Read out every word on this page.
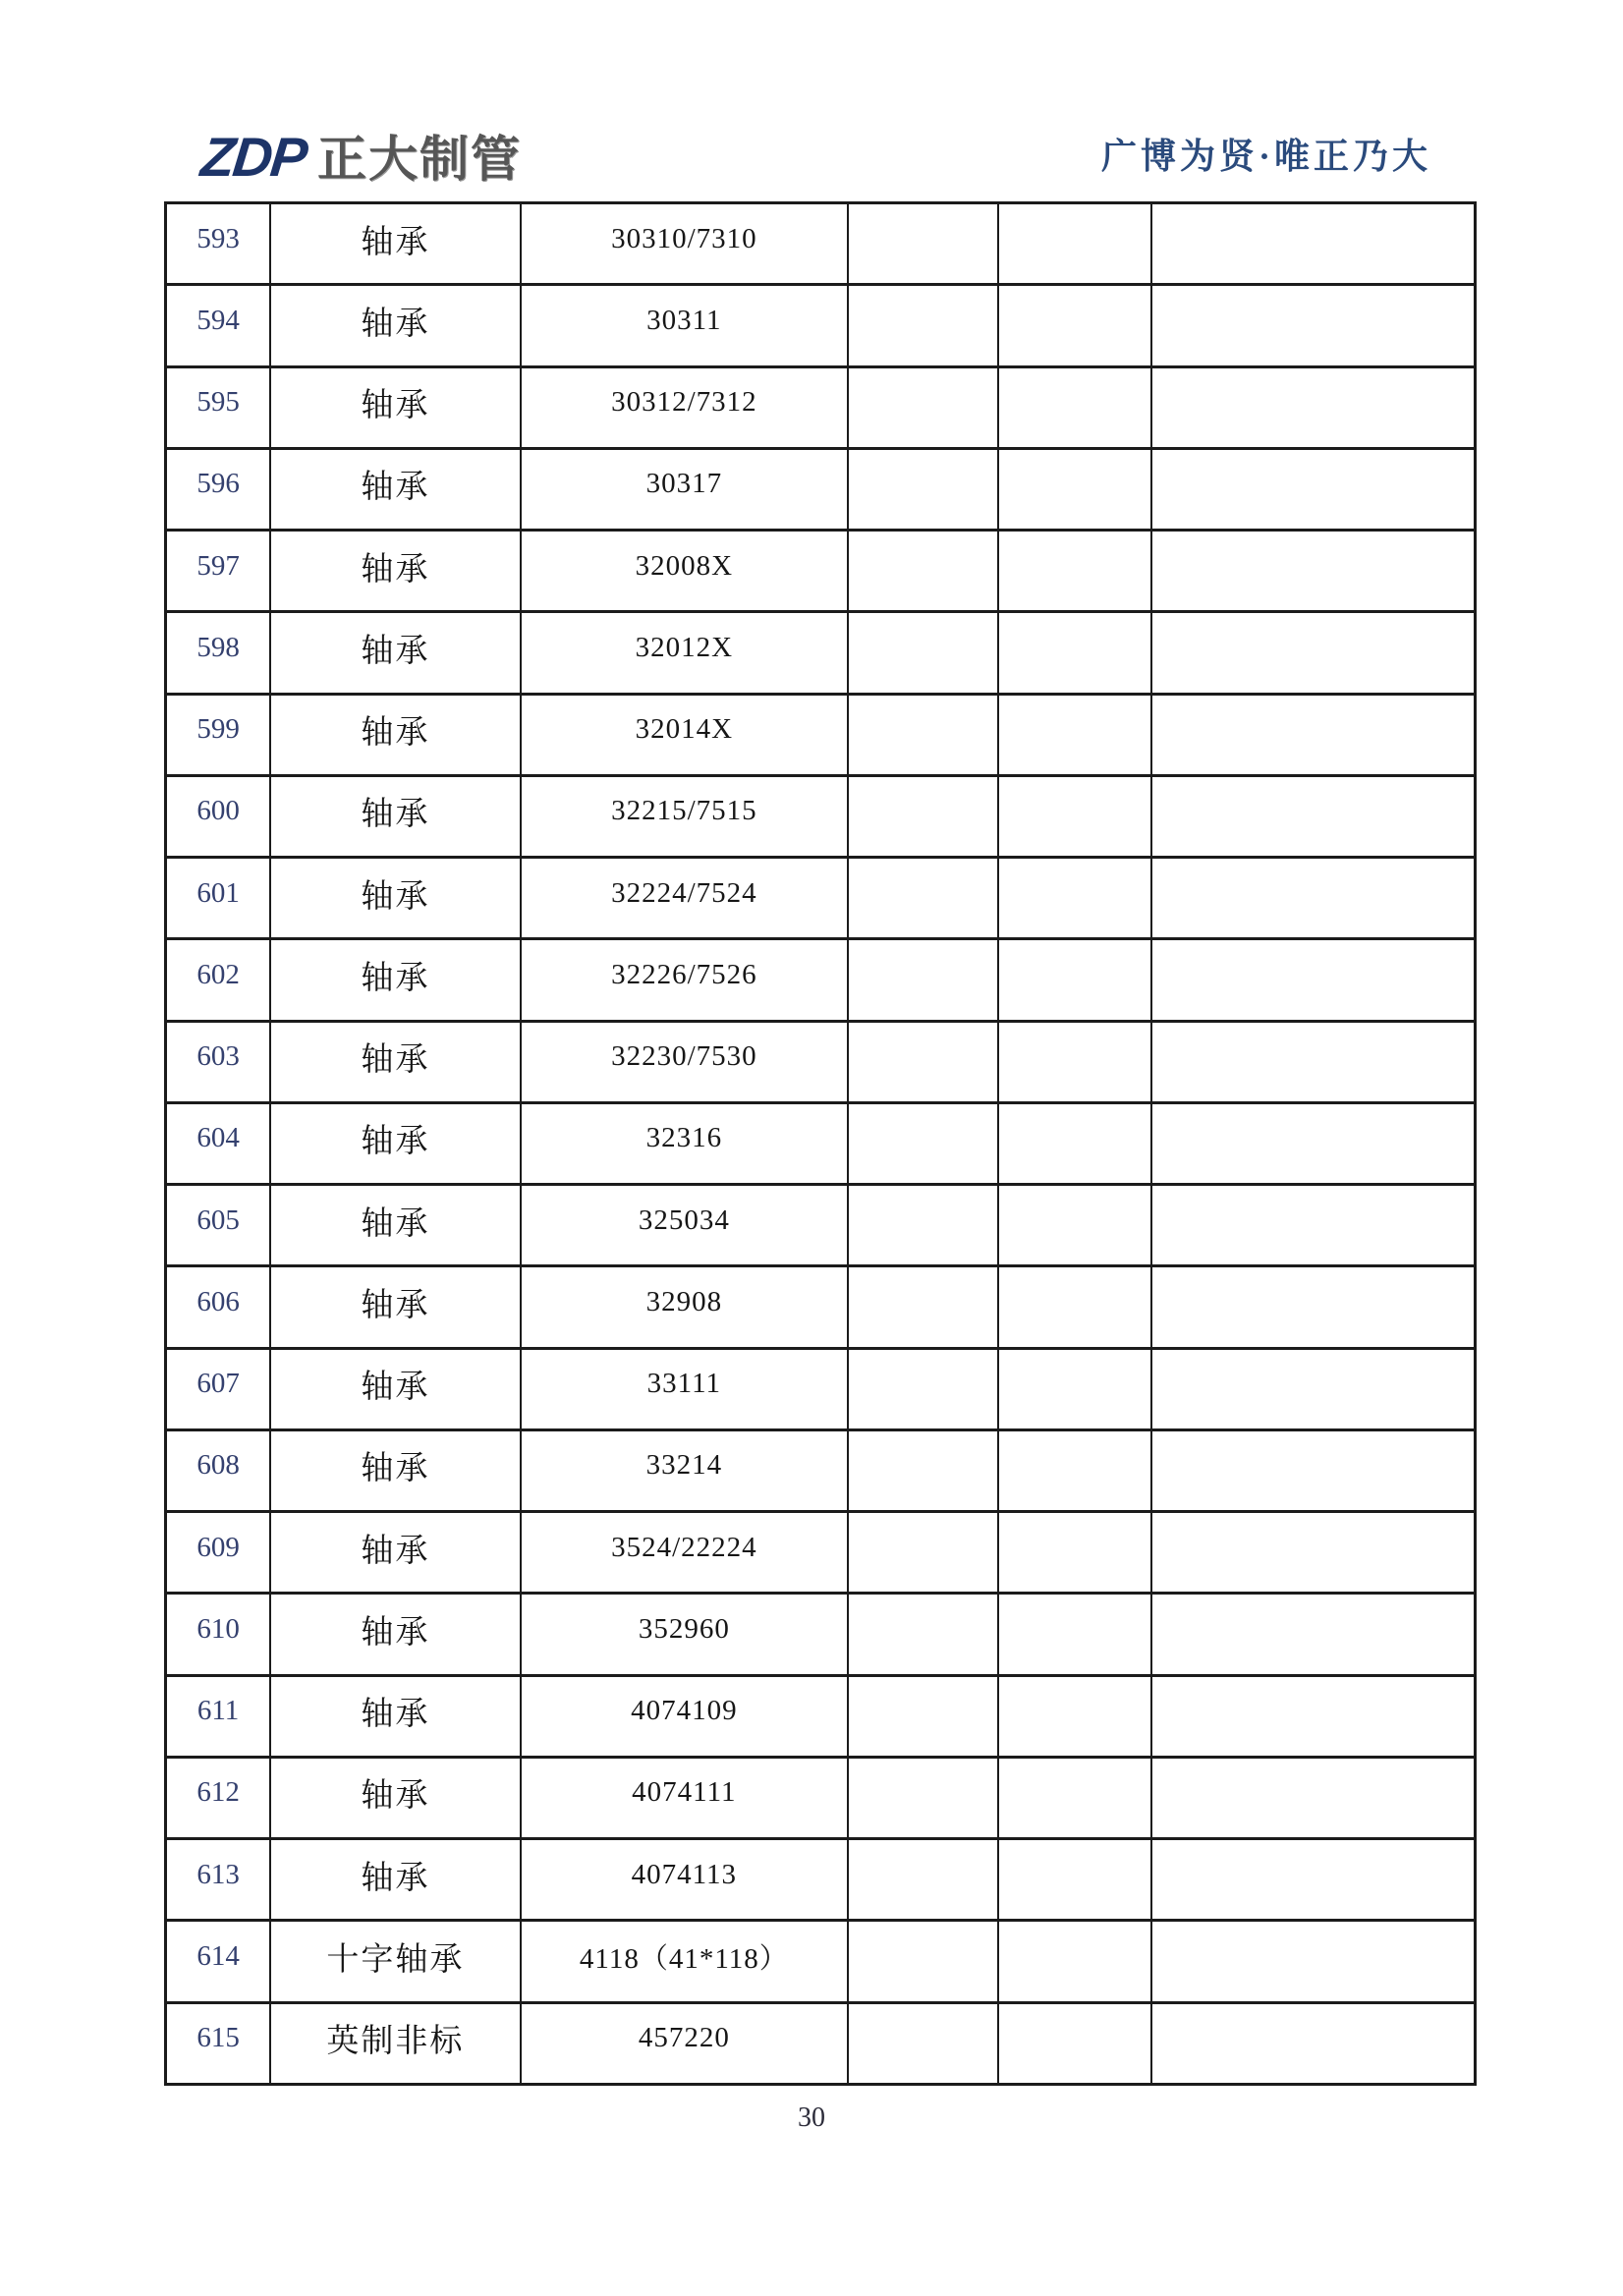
ZDP 正大制管	广博为贤·唯正乃大
593	轴承	30310/7310			
594	轴承	30311			
595	轴承	30312/7312			
596	轴承	30317			
597	轴承	32008X			
598	轴承	32012X			
599	轴承	32014X			
600	轴承	32215/7515			
601	轴承	32224/7524			
602	轴承	32226/7526			
603	轴承	32230/7530			
604	轴承	32316			
605	轴承	325034			
606	轴承	32908			
607	轴承	33111			
608	轴承	33214			
609	轴承	3524/22224			
610	轴承	352960			
611	轴承	4074109			
612	轴承	4074111			
613	轴承	4074113			
614	十字轴承	4118（41*118）			
615	英制非标	457220			
30
